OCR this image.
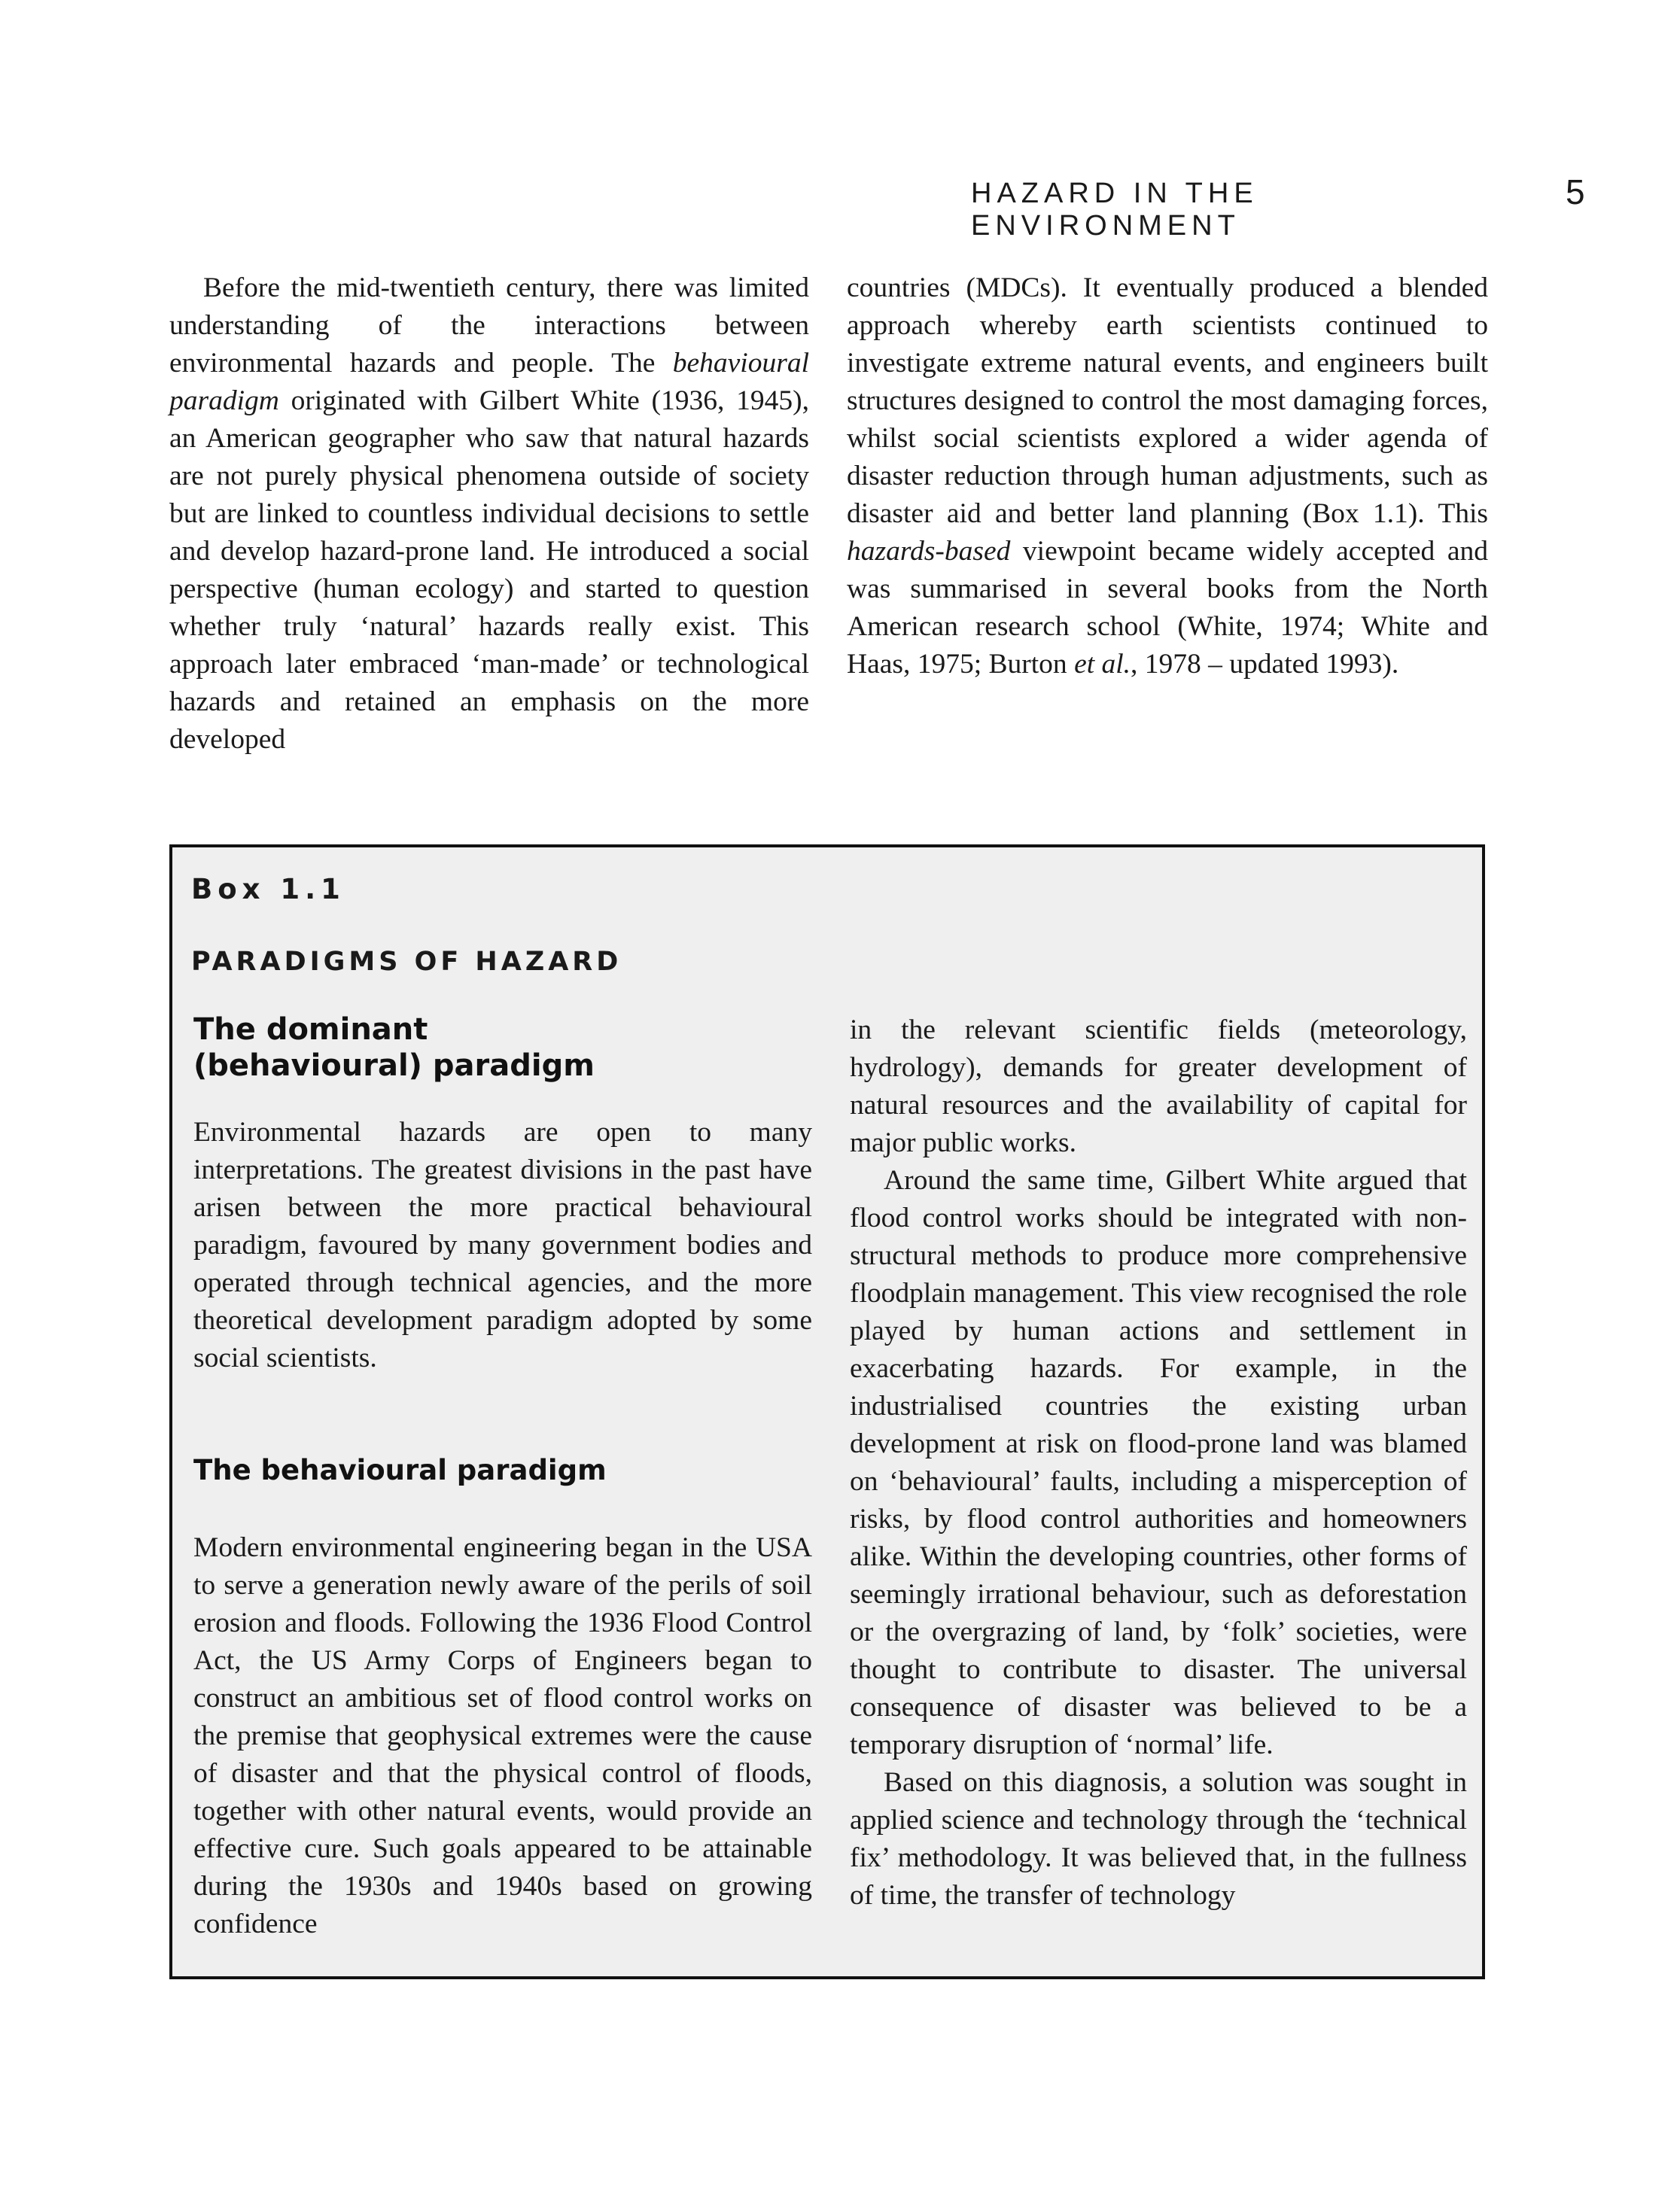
HAZARD IN THE ENVIRONMENT
5

Before the mid-twentieth century, there was limited understanding of the interactions between environmental hazards and people. The behavioural paradigm originated with Gilbert White (1936, 1945), an American geographer who saw that natural hazards are not purely physical phenomena outside of society but are linked to countless individual decisions to settle and develop hazard-prone land. He introduced a social perspective (human ecology) and started to question whether truly ‘natural’ hazards really exist. This approach later embraced ‘man-made’ or technological hazards and retained an emphasis on the more developed

countries (MDCs). It eventually produced a blended approach whereby earth scientists continued to investigate extreme natural events, and engineers built structures designed to control the most damaging forces, whilst social scientists explored a wider agenda of disaster reduction through human adjustments, such as disaster aid and better land planning (Box 1.1). This hazards-based viewpoint became widely accepted and was summarised in several books from the North American research school (White, 1974; White and Haas, 1975; Burton et al., 1978 – updated 1993).

Box 1.1
PARADIGMS OF HAZARD
The dominant (behavioural) paradigm

Environmental hazards are open to many interpretations. The greatest divisions in the past have arisen between the more practical behavioural paradigm, favoured by many government bodies and operated through technical agencies, and the more theoretical development paradigm adopted by some social scientists.

The behavioural paradigm

Modern environmental engineering began in the USA to serve a generation newly aware of the perils of soil erosion and floods. Following the 1936 Flood Control Act, the US Army Corps of Engineers began to construct an ambitious set of flood control works on the premise that geophysical extremes were the cause of disaster and that the physical control of floods, together with other natural events, would provide an effective cure. Such goals appeared to be attainable during the 1930s and 1940s based on growing confidence

in the relevant scientific fields (meteorology, hydrology), demands for greater development of natural resources and the availability of capital for major public works.

Around the same time, Gilbert White argued that flood control works should be integrated with non-structural methods to produce more comprehensive floodplain management. This view recognised the role played by human actions and settlement in exacerbating hazards. For example, in the industrialised countries the existing urban development at risk on flood-prone land was blamed on ‘behavioural’ faults, including a misperception of risks, by flood control authorities and homeowners alike. Within the developing countries, other forms of seemingly irrational behaviour, such as deforestation or the overgrazing of land, by ‘folk’ societies, were thought to contribute to disaster. The universal consequence of disaster was believed to be a temporary disruption of ‘normal’ life.

Based on this diagnosis, a solution was sought in applied science and technology through the ‘technical fix’ methodology. It was believed that, in the fullness of time, the transfer of technology
